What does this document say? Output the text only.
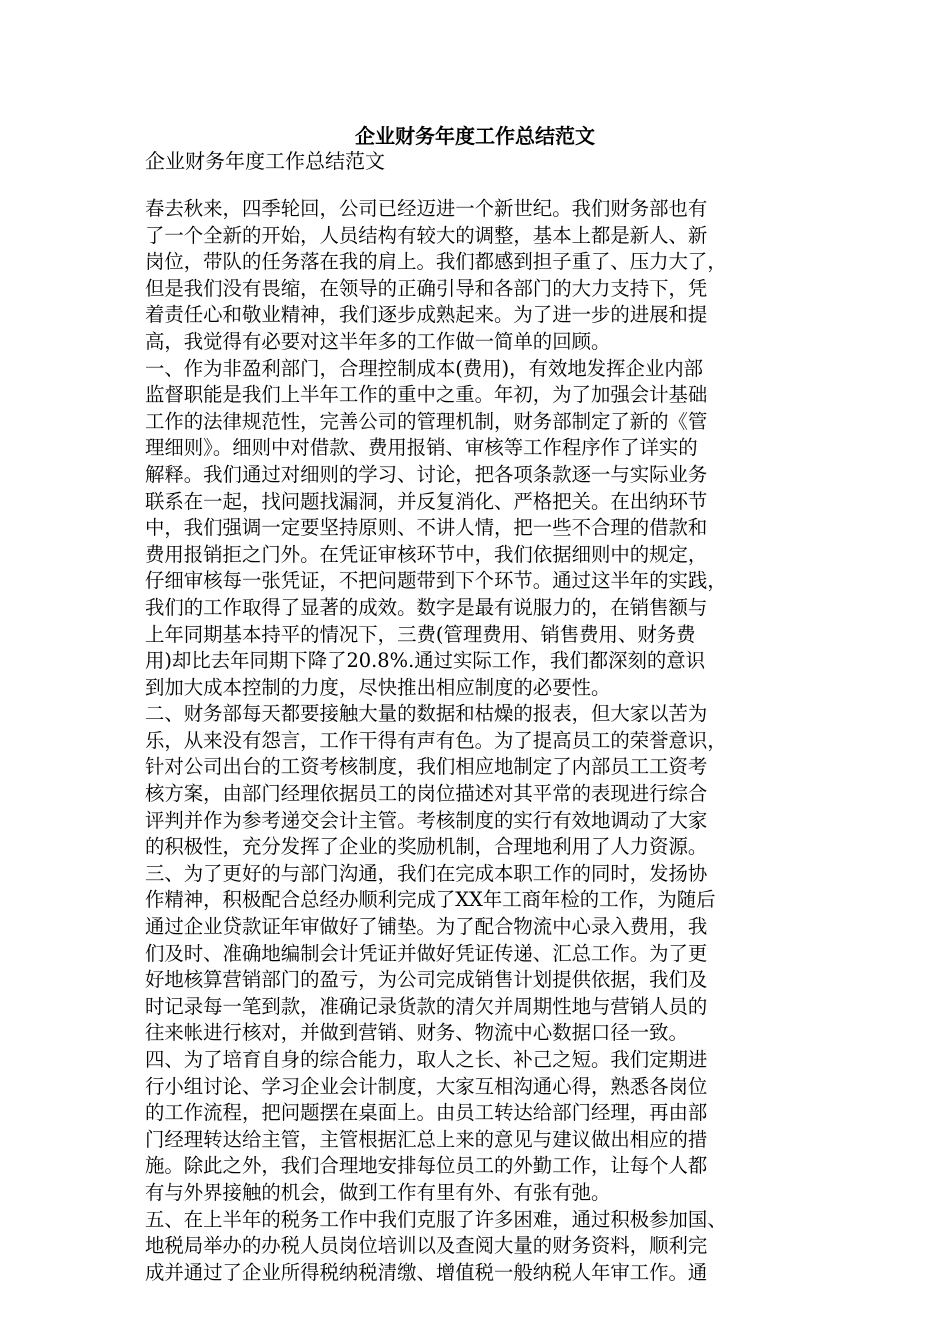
企业财务年度工作总结范文

企业财务年度工作总结范文

春去秋来，四季轮回，公司已经迈进一个新世纪。我们财务部也有
了一个全新的开始，人员结构有较大的调整，基本上都是新人、新
岗位，带队的任务落在我的肩上。我们都感到担子重了、压力大了，
但是我们没有畏缩，在领导的正确引导和各部门的大力支持下，凭
着责任心和敬业精神，我们逐步成熟起来。为了进一步的进展和提
高，我觉得有必要对这半年多的工作做一简单的回顾。
一、作为非盈利部门，合理控制成本(费用)，有效地发挥企业内部
监督职能是我们上半年工作的重中之重。年初，为了加强会计基础
工作的法律规范性，完善公司的管理机制，财务部制定了新的《管
理细则》。细则中对借款、费用报销、审核等工作程序作了详实的
解释。我们通过对细则的学习、讨论，把各项条款逐一与实际业务
联系在一起，找问题找漏洞，并反复消化、严格把关。在出纳环节
中，我们强调一定要坚持原则、不讲人情，把一些不合理的借款和
费用报销拒之门外。在凭证审核环节中，我们依据细则中的规定，
仔细审核每一张凭证，不把问题带到下个环节。通过这半年的实践，
我们的工作取得了显著的成效。数字是最有说服力的，在销售额与
上年同期基本持平的情况下，三费(管理费用、销售费用、财务费
用)却比去年同期下降了20.8%.通过实际工作，我们都深刻的意识
到加大成本控制的力度，尽快推出相应制度的必要性。
二、财务部每天都要接触大量的数据和枯燥的报表，但大家以苦为
乐，从来没有怨言，工作干得有声有色。为了提高员工的荣誉意识，
针对公司出台的工资考核制度，我们相应地制定了内部员工工资考
核方案，由部门经理依据员工的岗位描述对其平常的表现进行综合
评判并作为参考递交会计主管。考核制度的实行有效地调动了大家
的积极性，充分发挥了企业的奖励机制，合理地利用了人力资源。
三、为了更好的与部门沟通，我们在完成本职工作的同时，发扬协
作精神，积极配合总经办顺利完成了XX年工商年检的工作，为随后
通过企业贷款证年审做好了铺垫。为了配合物流中心录入费用，我
们及时、准确地编制会计凭证并做好凭证传递、汇总工作。为了更
好地核算营销部门的盈亏，为公司完成销售计划提供依据，我们及
时记录每一笔到款，准确记录货款的清欠并周期性地与营销人员的
往来帐进行核对，并做到营销、财务、物流中心数据口径一致。
四、为了培育自身的综合能力，取人之长、补己之短。我们定期进
行小组讨论、学习企业会计制度，大家互相沟通心得，熟悉各岗位
的工作流程，把问题摆在桌面上。由员工转达给部门经理，再由部
门经理转达给主管，主管根据汇总上来的意见与建议做出相应的措
施。除此之外，我们合理地安排每位员工的外勤工作，让每个人都
有与外界接触的机会，做到工作有里有外、有张有弛。
五、在上半年的税务工作中我们克服了许多困难，通过积极参加国、
地税局举办的办税人员岗位培训以及查阅大量的财务资料，顺利完
成并通过了企业所得税纳税清缴、增值税一般纳税人年审工作。通
